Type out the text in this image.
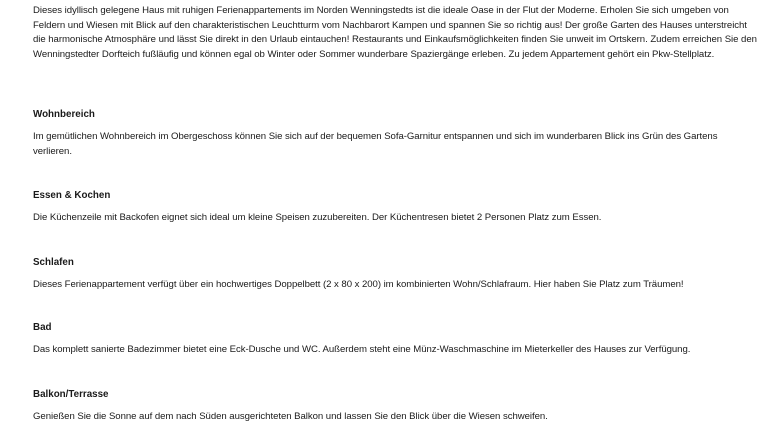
Dieses idyllisch gelegene Haus mit ruhigen Ferienappartements im Norden Wenningstedts ist die ideale Oase in der Flut der Moderne. Erholen Sie sich umgeben von Feldern und Wiesen mit Blick auf den charakteristischen Leuchtturm vom Nachbarort Kampen und spannen Sie so richtig aus! Der große Garten des Hauses unterstreicht die harmonische Atmosphäre und lässt Sie direkt in den Urlaub eintauchen! Restaurants und Einkaufsmöglichkeiten finden Sie unweit im Ortskern. Zudem erreichen Sie den Wenningstedter Dorfteich fußläufig und können egal ob Winter oder Sommer wunderbare Spaziergänge erleben. Zu jedem Appartement gehört ein Pkw-Stellplatz.

Wohnbereich

Im gemütlichen Wohnbereich im Obergeschoss können Sie sich auf der bequemen Sofa-Garnitur entspannen und sich im wunderbaren Blick ins Grün des Gartens verlieren.

Essen & Kochen

Die Küchenzeile mit Backofen eignet sich ideal um kleine Speisen zuzubereiten. Der Küchentresen bietet 2 Personen Platz zum Essen.

Schlafen

Dieses Ferienappartement verfügt über ein hochwertiges Doppelbett (2 x 80 x 200) im kombinierten Wohn/Schlafraum. Hier haben Sie Platz zum Träumen!

Bad

Das komplett sanierte Badezimmer bietet eine Eck-Dusche und WC. Außerdem steht eine Münz-Waschmaschine im Mieterkeller des Hauses zur Verfügung.

Balkon/Terrasse

Genießen Sie die Sonne auf dem nach Süden ausgerichteten Balkon und lassen Sie den Blick über die Wiesen schweifen.
